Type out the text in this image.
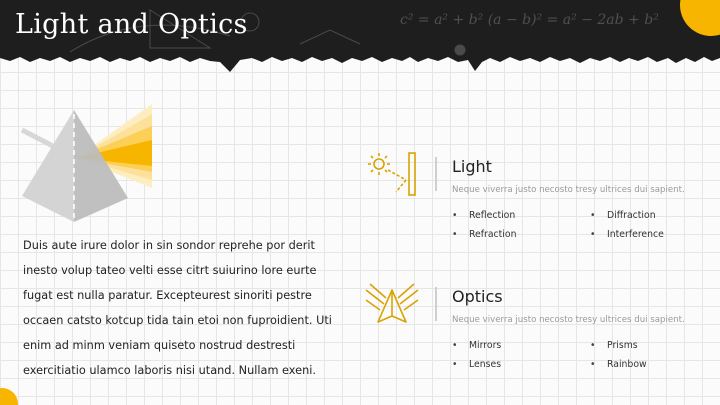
c² = a² + b² (a − b)² = a² − 2ab + b²
Light and Optics
Duis aute irure dolor in sin sondor reprehe por derit inesto volup tateo velti esse citrt suiurino lore eurte fugat est nulla paratur. Excepteurest sinoriti pestre occaen catsto kotcup tida tain etoi non fuproidient. Uti enim ad minm veniam quiseto nostrud destresti exercitiatio ulamco laboris nisi utand. Nullam exeni.
Light
Neque viverra justo necosto tresy ultrices dui sapient.
• Reflection	• Diffraction
• Refraction	• Interference
Optics
Neque viverra justo necosto tresy ultrices dui sapient.
• Mirrors	• Prisms
• Lenses	• Rainbow
